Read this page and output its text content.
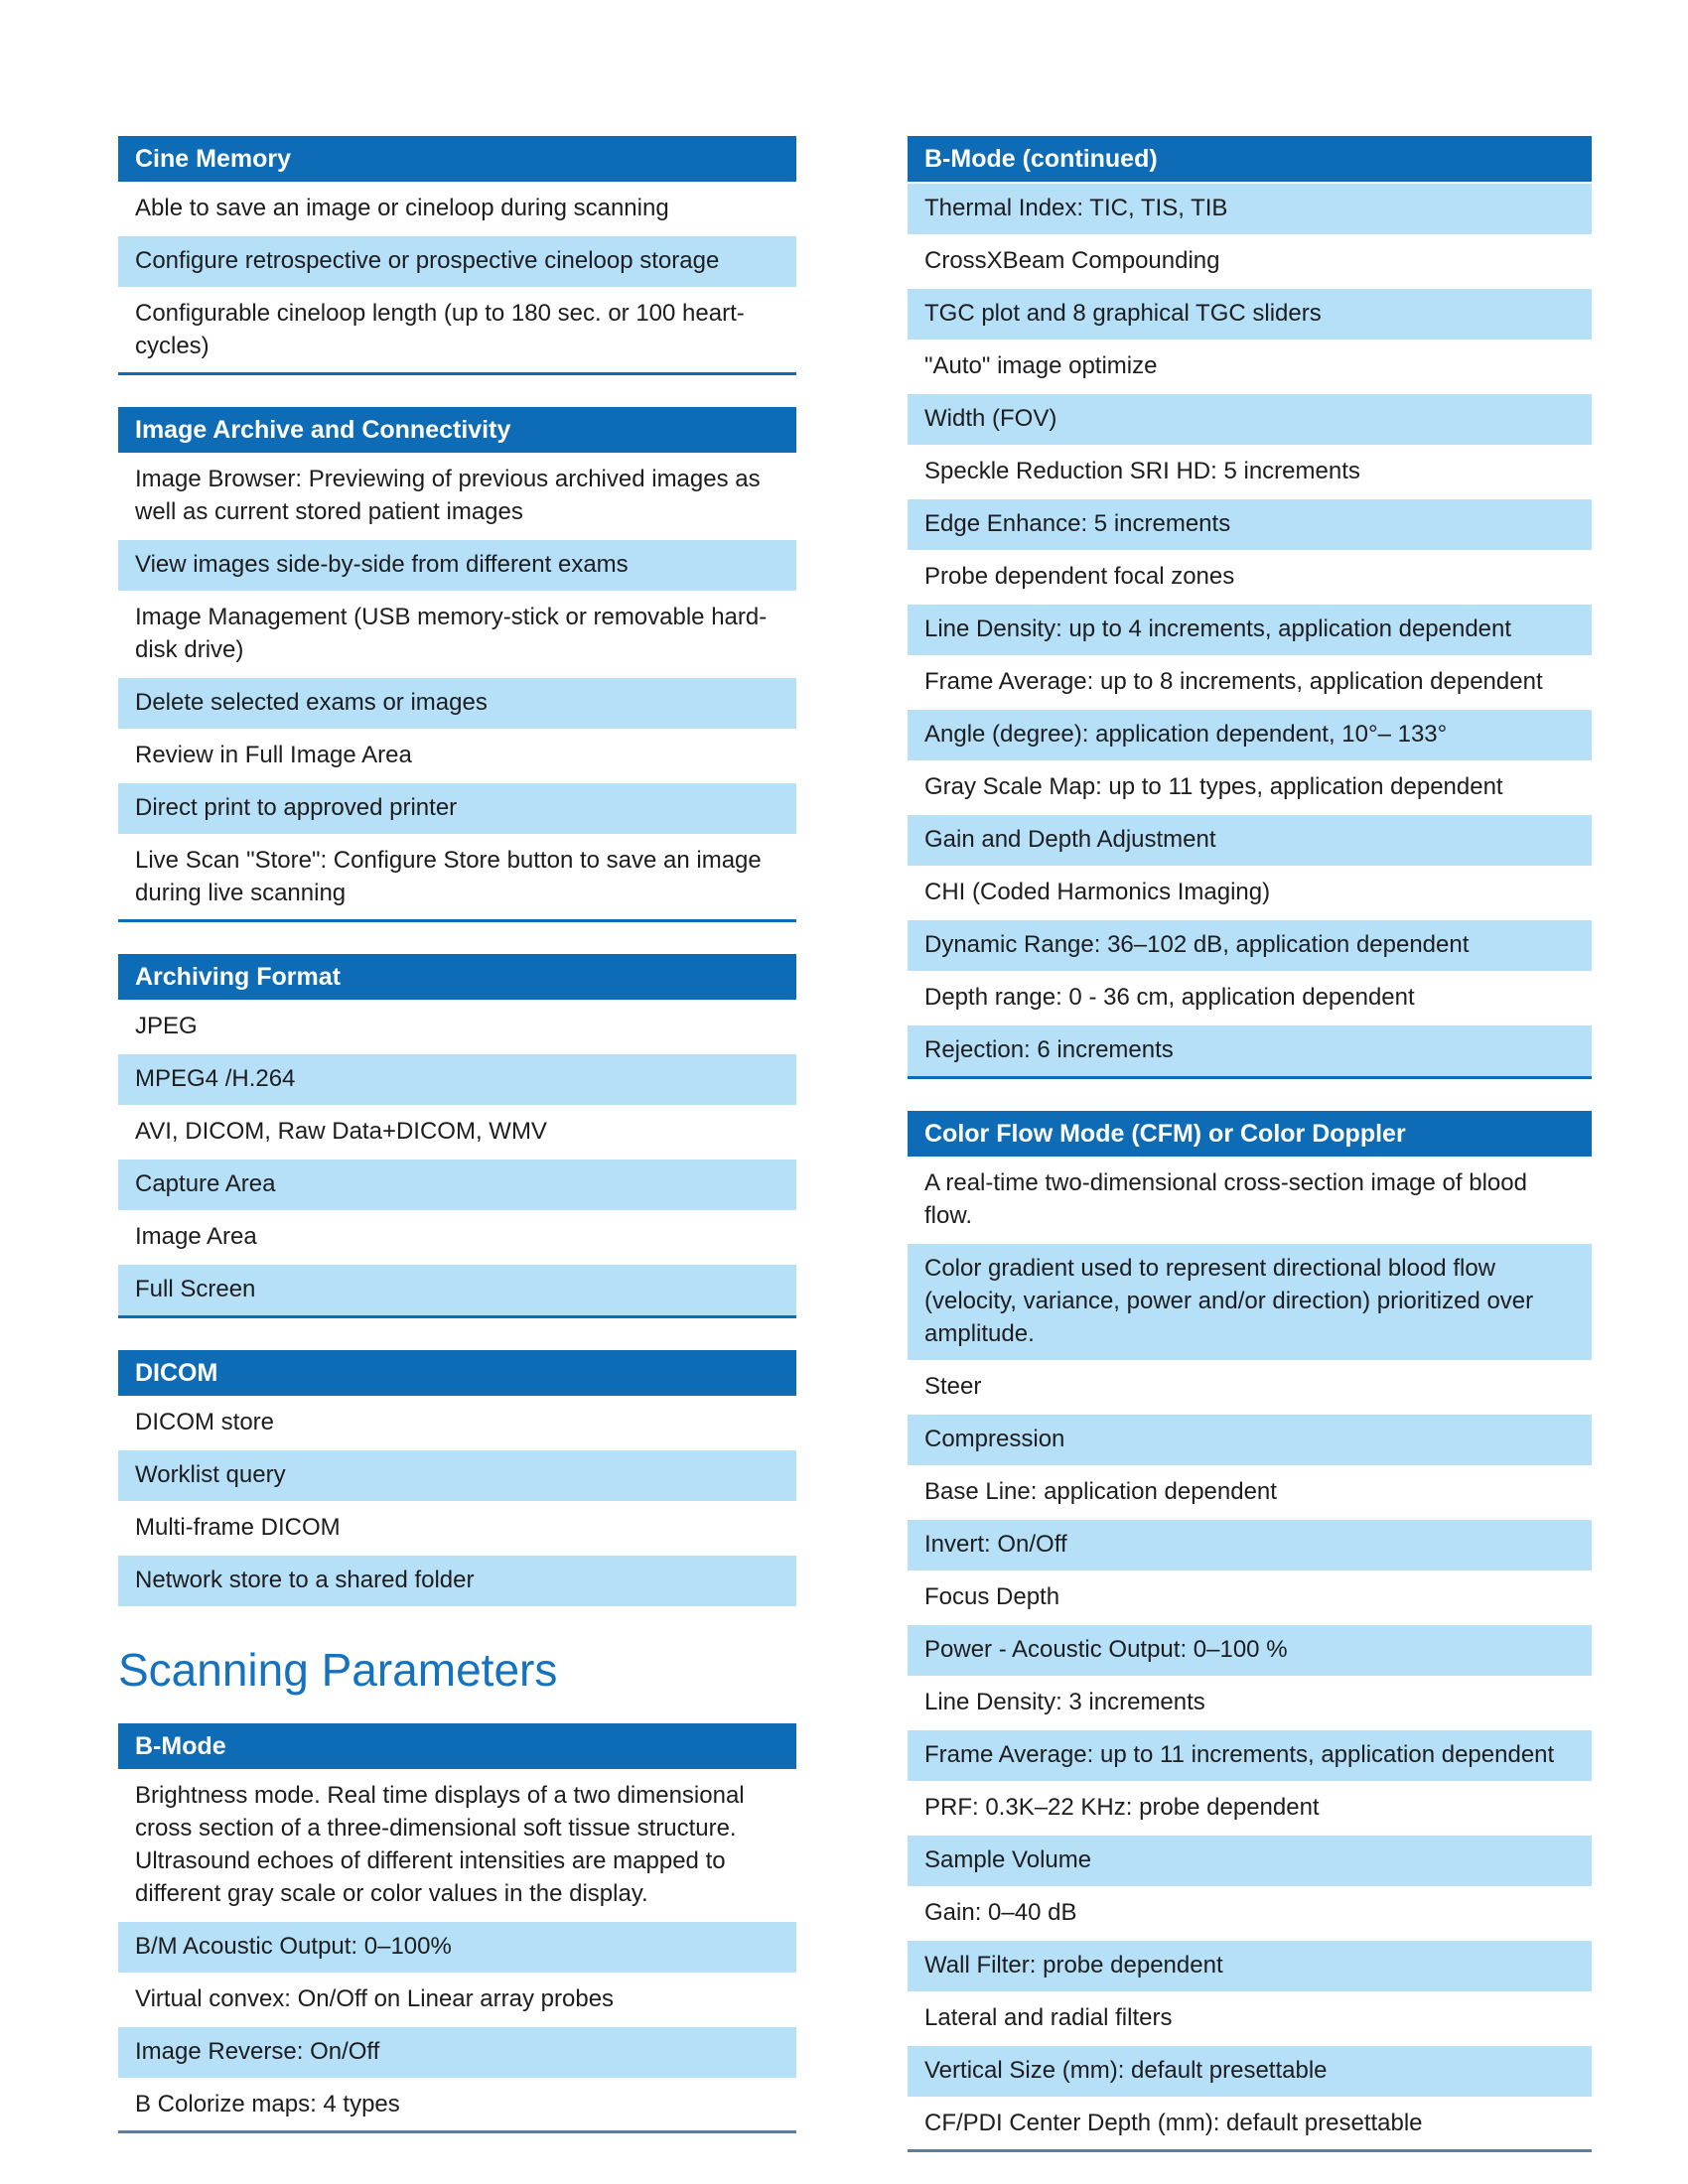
Cine Memory
Able to save an image or cineloop during scanning
Configure retrospective or prospective cineloop storage
Configurable cineloop length (up to 180 sec. or 100 heart-cycles)
Image Archive and Connectivity
Image Browser: Previewing of previous archived images as well as current stored patient images
View images side-by-side from different exams
Image Management (USB memory-stick or removable hard-disk drive)
Delete selected exams or images
Review in Full Image Area
Direct print to approved printer
Live Scan "Store": Configure Store button to save an image during live scanning
Archiving Format
JPEG
MPEG4 /H.264
AVI, DICOM, Raw Data+DICOM, WMV
Capture Area
Image Area
Full Screen
DICOM
DICOM store
Worklist query
Multi-frame DICOM
Network store to a shared folder
Scanning Parameters
B-Mode
Brightness mode. Real time displays of a two dimensional cross section of a three-dimensional soft tissue structure. Ultrasound echoes of different intensities are mapped to different gray scale or color values in the display.
B/M Acoustic Output: 0–100%
Virtual convex: On/Off on Linear array probes
Image Reverse: On/Off
B Colorize maps: 4 types
B-Mode (continued)
Thermal Index: TIC, TIS, TIB
CrossXBeam Compounding
TGC plot and 8 graphical TGC sliders
"Auto" image optimize
Width (FOV)
Speckle Reduction SRI HD: 5 increments
Edge Enhance: 5 increments
Probe dependent focal zones
Line Density: up to 4 increments, application dependent
Frame Average: up to 8 increments, application dependent
Angle (degree): application dependent, 10°– 133°
Gray Scale Map: up to 11 types, application dependent
Gain and Depth Adjustment
CHI (Coded Harmonics Imaging)
Dynamic Range: 36–102 dB, application dependent
Depth range: 0 - 36 cm, application dependent
Rejection: 6 increments
Color Flow Mode (CFM) or Color Doppler
A real-time two-dimensional cross-section image of blood flow.
Color gradient used to represent directional blood flow (velocity, variance, power and/or direction) prioritized over amplitude.
Steer
Compression
Base Line: application dependent
Invert: On/Off
Focus Depth
Power - Acoustic Output: 0–100 %
Line Density: 3 increments
Frame Average: up to 11 increments, application dependent
PRF: 0.3K–22 KHz: probe dependent
Sample Volume
Gain: 0–40 dB
Wall Filter: probe dependent
Lateral and radial filters
Vertical Size (mm): default presettable
CF/PDI Center Depth (mm): default presettable
